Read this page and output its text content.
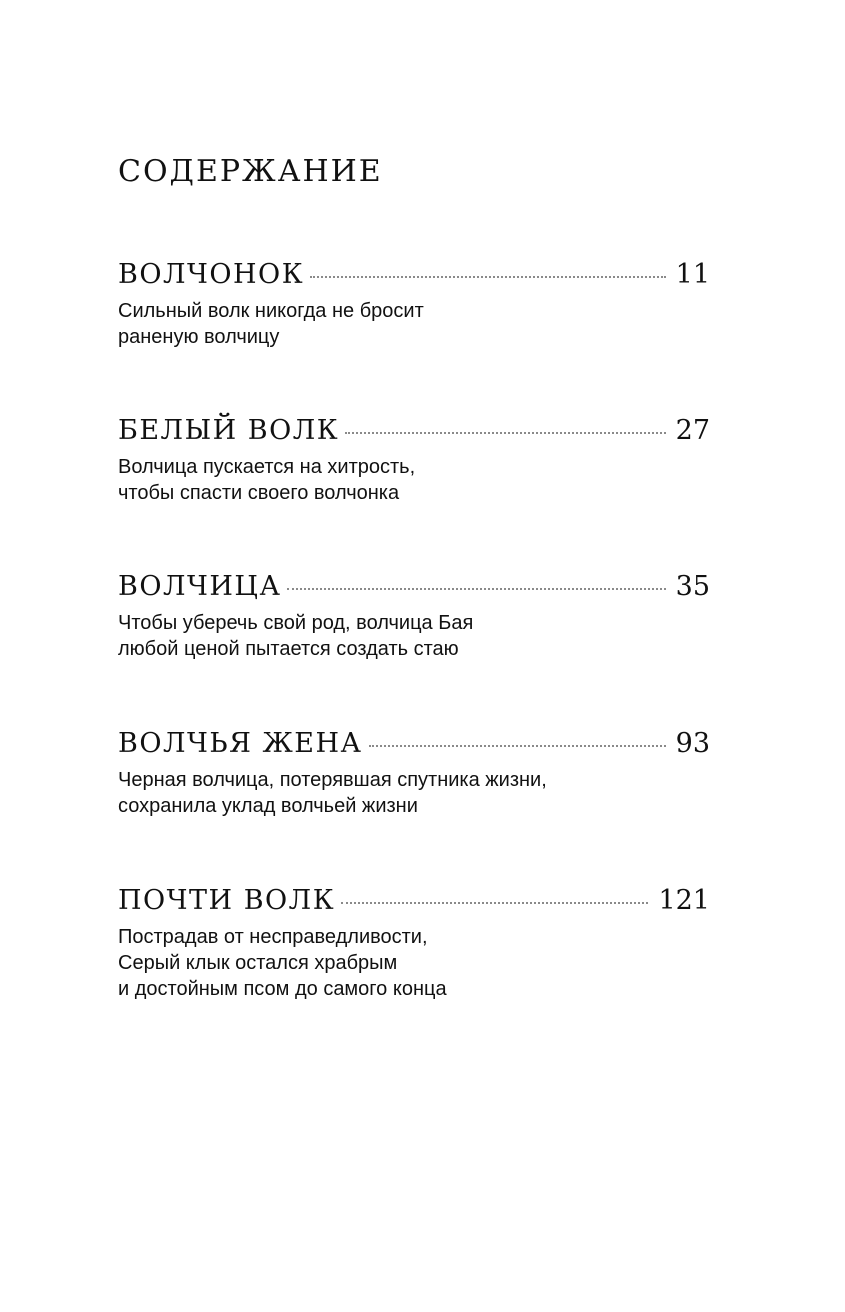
СОДЕРЖАНИЕ
ВОЛЧОНОК	11
Сильный волк никогда не бросит
раненую волчицу
БЕЛЫЙ ВОЛК	27
Волчица пускается на хитрость,
чтобы спасти своего волчонка
ВОЛЧИЦА	35
Чтобы уберечь свой род, волчица Бая
любой ценой пытается создать стаю
ВОЛЧЬЯ ЖЕНА	93
Черная волчица, потерявшая спутника жизни,
сохранила уклад волчьей жизни
ПОЧТИ ВОЛК	121
Пострадав от несправедливости,
Серый клык остался храбрым
и достойным псом до самого конца
